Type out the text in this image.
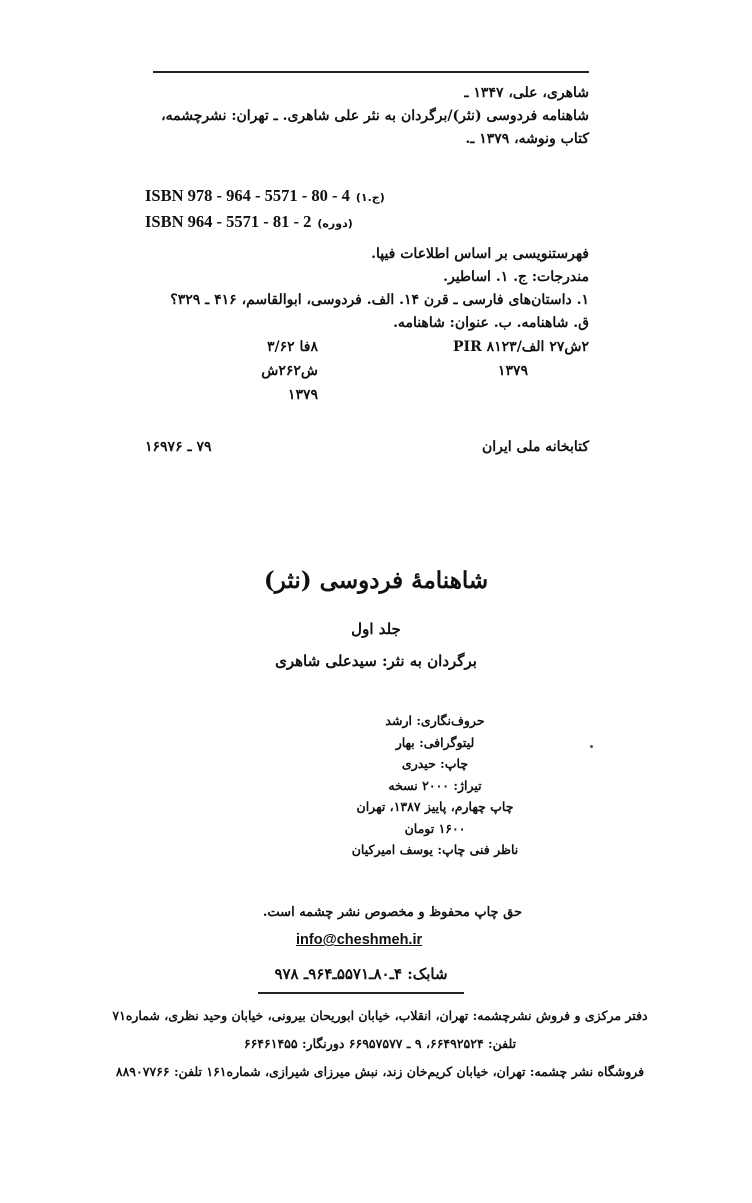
شاهری، علی، ۱۳۴۷ ـ
شاهنامه فردوسی (نثر)/برگردان به نثر علی شاهری. ـ تهران: نشرچشمه،
کتاب ونوشه، ۱۳۷۹ ـ.
ISBN 978 - 964 - 5571 - 80 - 4 (ج.۱)
ISBN 964 - 5571 - 81 - 2 (دوره)
فهرستنویسی بر اساس اطلاعات فیپا.
مندرجات: ج. ۱. اساطیر.
۱. داستان‌های فارسی ـ قرن ۱۴. الف. فردوسی، ابوالقاسم، ۴۱۶ ـ ۳۲۹؟
ق. شاهنامه. ب. عنوان: شاهنامه.
۲ش۲۷ الف/۸۱۲۳ PIR
۱۳۷۹
۸فا ۳/۶۲
ش۲۶۲ش
۱۳۷۹
کتابخانه ملی ایران
۷۹ ـ ۱۶۹۷۶
شاهنامهٔ فردوسی (نثر)
جلد اول
برگردان به نثر: سیدعلی شاهری
حروف‌نگاری: ارشد
لیتوگرافی: بهار
چاپ: حیدری
تیراژ: ۲۰۰۰ نسخه
چاپ چهارم، پاییز ۱۳۸۷، تهران
۱۶۰۰ تومان
ناظر فنی چاپ: یوسف امیرکیان
حق چاپ محفوظ و مخصوص نشر چشمه است.
info@cheshmeh.ir
شابک: ۴ـ۸۰ـ۵۵۷۱ـ۹۶۴ـ ۹۷۸
دفتر مرکزی و فروش نشرچشمه: تهران، انقلاب، خیابان ابوریحان بیرونی، خیابان وحید نظری، شماره۷۱
تلفن: ۶۶۴۹۲۵۲۴، ۹ ـ ۶۶۹۵۷۵۷۷ دورنگار: ۶۶۴۶۱۴۵۵
فروشگاه نشر چشمه: تهران، خیابان کریم‌خان زند، نبش میرزای شیرازی، شماره۱۶۱ تلفن: ۸۸۹۰۷۷۶۶
